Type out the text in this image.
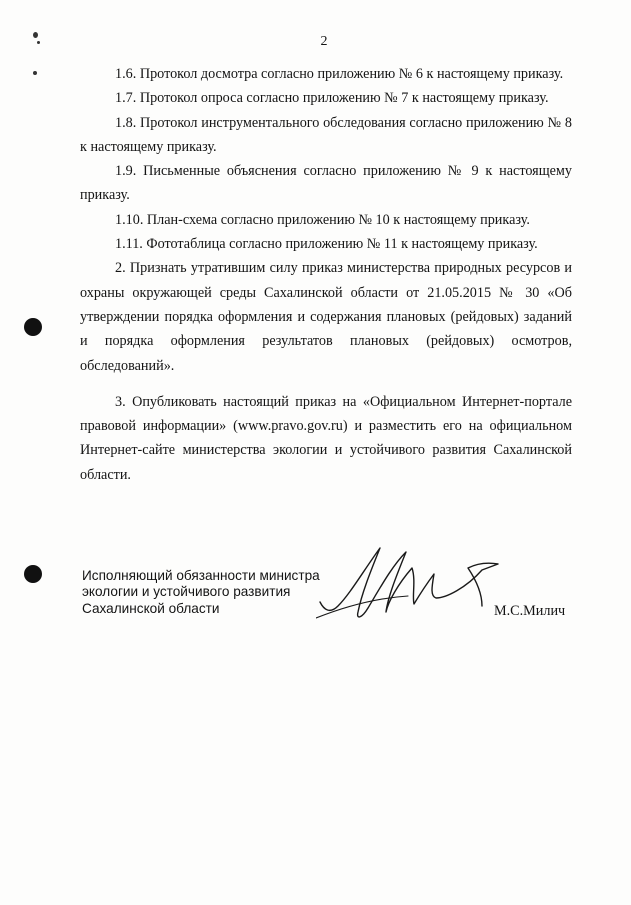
2

1.6. Протокол досмотра согласно приложению № 6 к настоящему приказу.

1.7. Протокол опроса согласно приложению № 7 к настоящему приказу.

1.8. Протокол инструментального обследования согласно приложению № 8 к настоящему приказу.

1.9. Письменные объяснения согласно приложению № 9 к настоящему приказу.

1.10. План-схема согласно приложению № 10 к настоящему приказу.

1.11. Фототаблица согласно приложению № 11 к настоящему приказу.

2. Признать утратившим силу приказ министерства природных ресурсов и охраны окружающей среды Сахалинской области от 21.05.2015 № 30 «Об утверждении порядка оформления и содержания плановых (рейдовых) заданий и порядка оформления результатов плановых (рейдовых) осмотров, обследований».

3. Опубликовать настоящий приказ на «Официальном Интернет-портале правовой информации» (www.pravo.gov.ru) и разместить его на официальном Интернет-сайте министерства экологии и устойчивого развития Сахалинской области.

Исполняющий обязанности министра
экологии и устойчивого развития
Сахалинской области	М.С.Милич
